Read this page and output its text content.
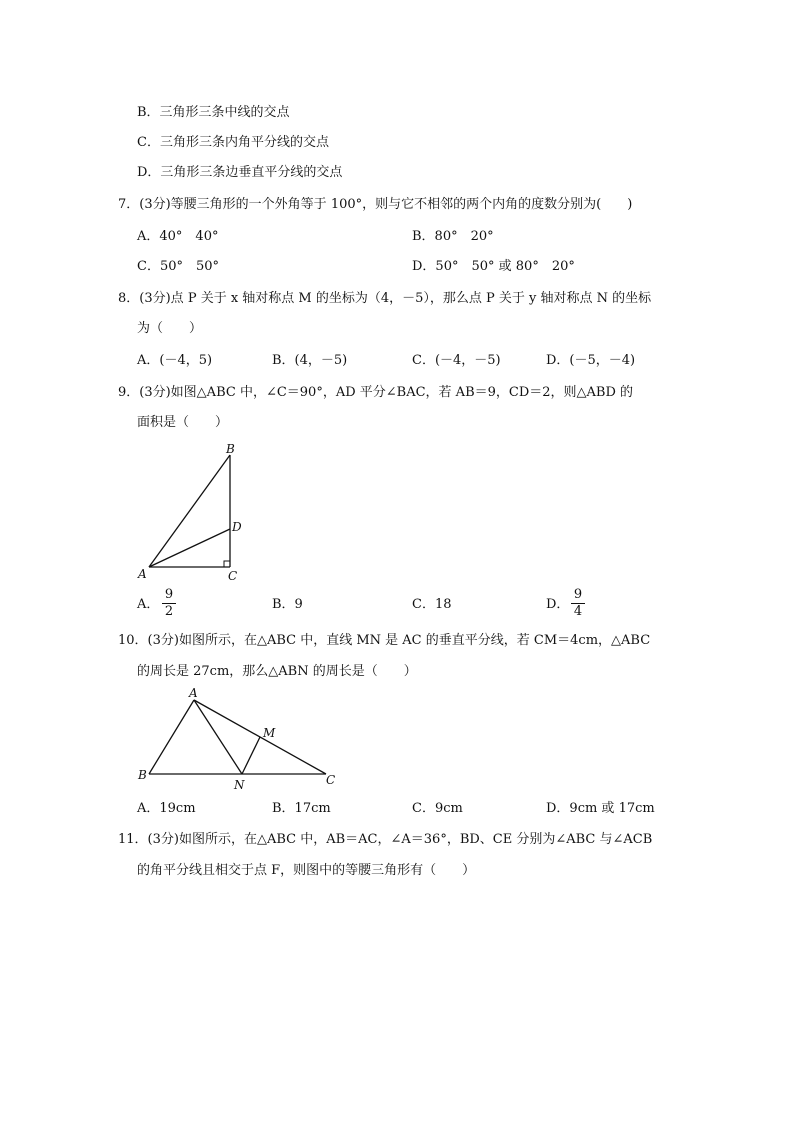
B．三角形三条中线的交点
C．三角形三条内角平分线的交点
D．三角形三条边垂直平分线的交点
7．(3分)等腰三角形的一个外角等于 100°，则与它不相邻的两个内角的度数分别为(　　)
A．40°　40°	B．80°　20°
C．50°　50°	D．50°　50° 或 80°　20°
8．(3分)点 P 关于 x 轴对称点 M 的坐标为（4，－5），那么点 P 关于 y 轴对称点 N 的坐标
为（　　）
A．(－4，5)	B．(4，－5)	C．(－4，－5)	D．(－5，－4)
9．(3分)如图△ABC 中，∠C＝90°，AD 平分∠BAC，若 AB＝9，CD＝2，则△ABD 的
面积是（　　）
B
D
A	C
A．
9
2	B．9	C．18	D．
9
4
10．(3分)如图所示，在△ABC 中，直线 MN 是 AC 的垂直平分线，若 CM＝4cm，△ABC
的周长是 27cm，那么△ABN 的周长是（　　）
A
M
B
N	C
A．19cm	B．17cm	C．9cm	D．9cm 或 17cm
11．(3分)如图所示，在△ABC 中，AB＝AC，∠A＝36°，BD、CE 分别为∠ABC 与∠ACB
的角平分线且相交于点 F，则图中的等腰三角形有（　　）
